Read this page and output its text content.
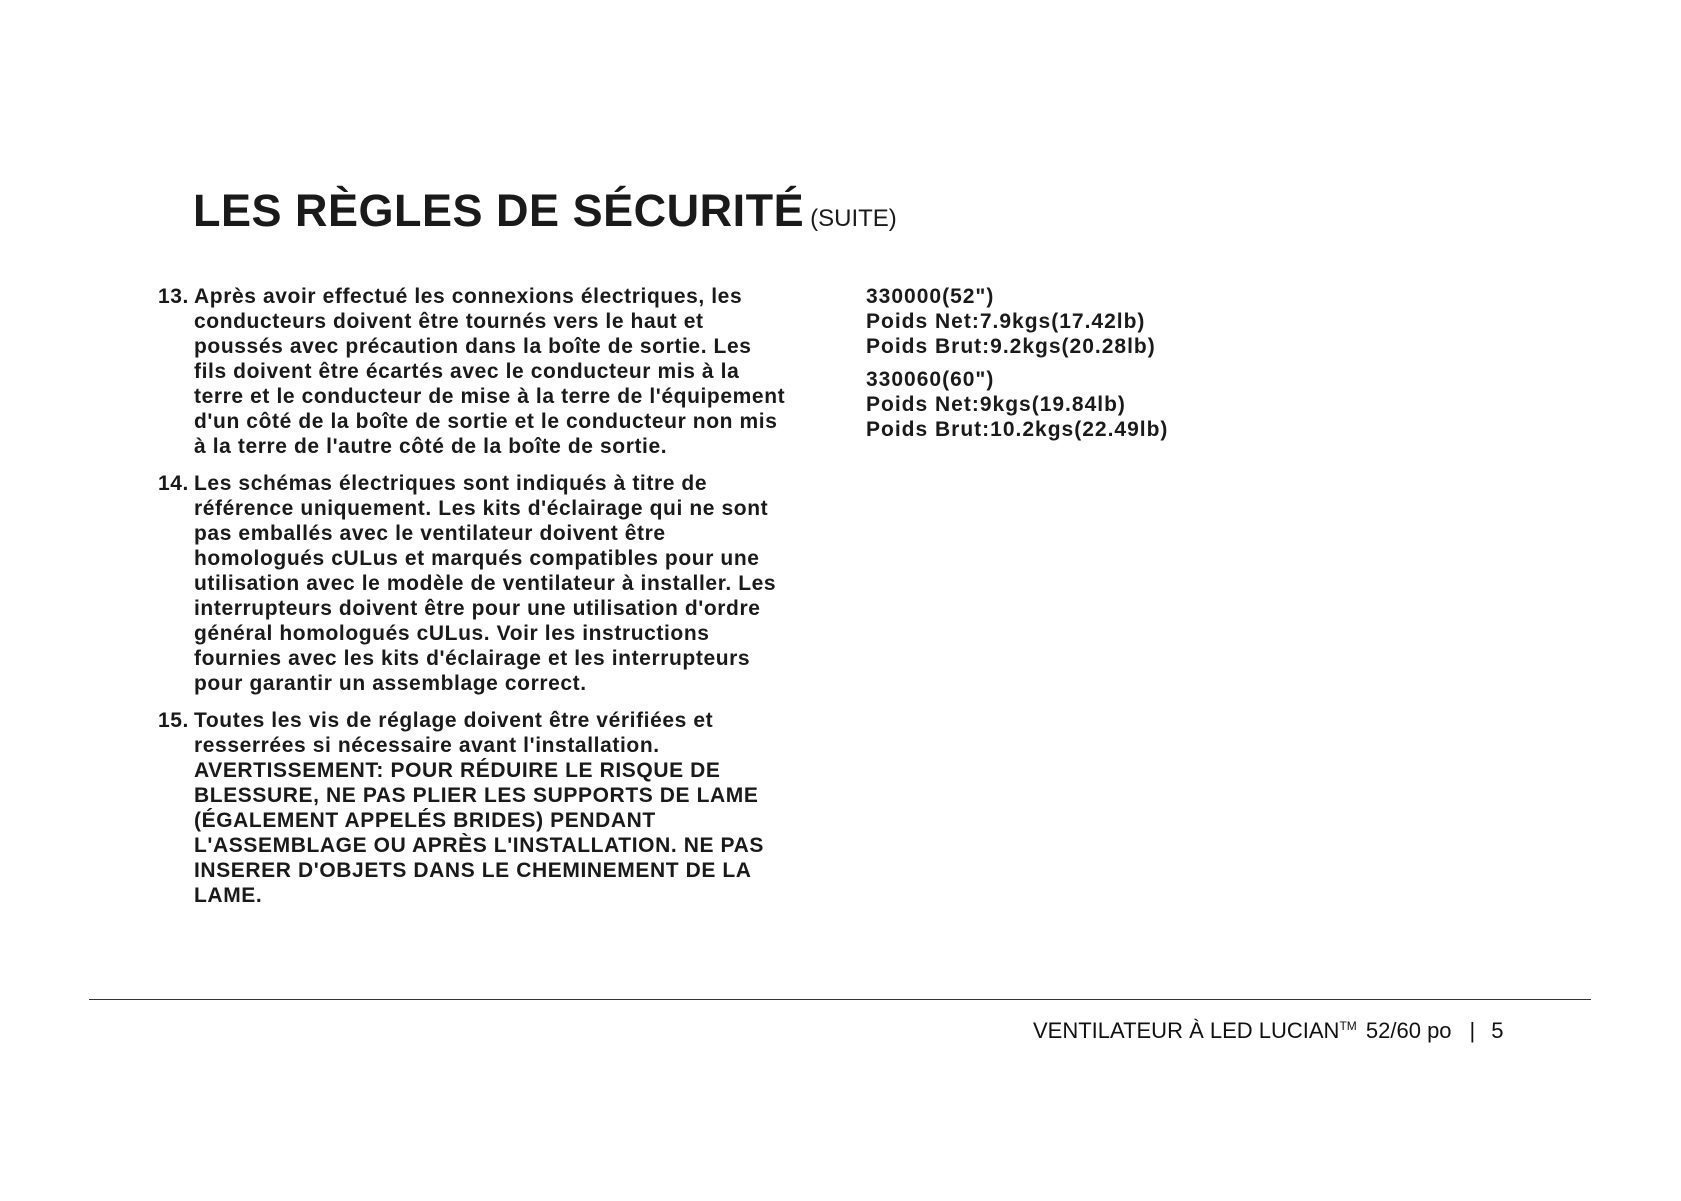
LES RÈGLES DE SÉCURITÉ (SUITE)
13. Après avoir effectué les connexions électriques, les
conducteurs doivent être tournés vers le haut et
poussés avec précaution dans la boîte de sortie. Les
fils doivent être écartés avec le conducteur mis à la
terre et le conducteur de mise à la terre de l'équipement
d'un côté de la boîte de sortie et le conducteur non mis
à la terre de l'autre côté de la boîte de sortie.
14. Les schémas électriques sont indiqués à titre de
référence uniquement. Les kits d'éclairage qui ne sont
pas emballés avec le ventilateur doivent être
homologués cULus et marqués compatibles pour une
utilisation avec le modèle de ventilateur à installer. Les
interrupteurs doivent être pour une utilisation d'ordre
général homologués cULus. Voir les instructions
fournies avec les kits d'éclairage et les interrupteurs
pour garantir un assemblage correct.
15. Toutes les vis de réglage doivent être vérifiées et
resserrées si nécessaire avant l'installation.
AVERTISSEMENT: POUR RÉDUIRE LE RISQUE DE
BLESSURE, NE PAS PLIER LES SUPPORTS DE LAME
(ÉGALEMENT APPELÉS BRIDES) PENDANT
L'ASSEMBLAGE OU APRÈS L'INSTALLATION. NE PAS
INSERER D'OBJETS DANS LE CHEMINEMENT DE LA
LAME.
330000(52")
Poids Net:7.9kgs(17.42lb)
Poids Brut:9.2kgs(20.28lb)
330060(60")
Poids Net:9kgs(19.84lb)
Poids Brut:10.2kgs(22.49lb)
VENTILATEUR À LED LUCIAN™ 52/60 po | 5
